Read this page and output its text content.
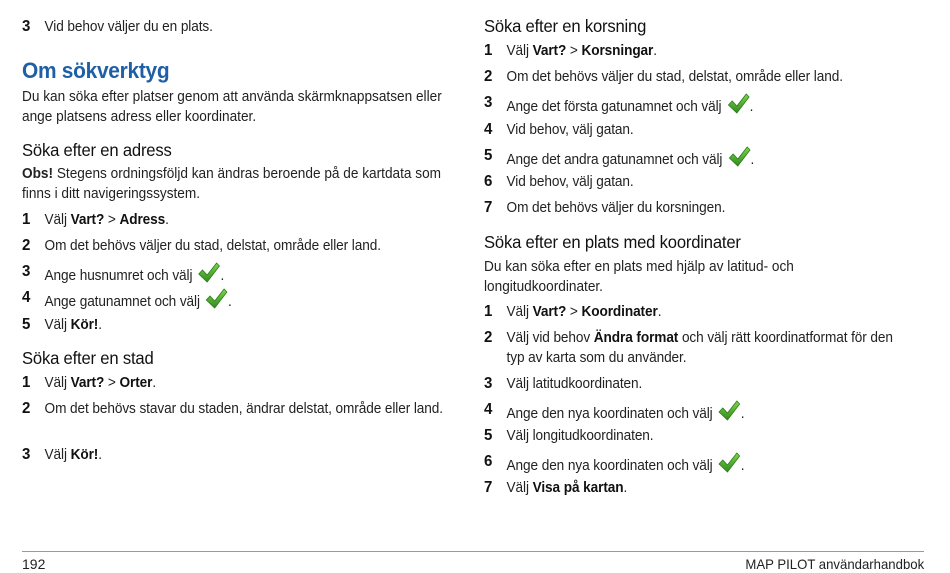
3 Vid behov väljer du en plats.
Om sökverktyg
Du kan söka efter platser genom att använda skärmknappsatsen eller ange platsens adress eller koordinater.
Söka efter en adress
Obs! Stegens ordningsföljd kan ändras beroende på de kartdata som finns i ditt navigeringssystem.
1 Välj Vart? > Adress.
2 Om det behövs väljer du stad, delstat, område eller land.
3 Ange husnumret och välj .
4 Ange gatunamnet och välj .
5 Välj Kör!.
Söka efter en stad
1 Välj Vart? > Orter.
2 Om det behövs stavar du staden, ändrar delstat, område eller land.
3 Välj Kör!.
Söka efter en korsning
1 Välj Vart? > Korsningar.
2 Om det behövs väljer du stad, delstat, område eller land.
3 Ange det första gatunamnet och välj .
4 Vid behov, välj gatan.
5 Ange det andra gatunamnet och välj .
6 Vid behov, välj gatan.
7 Om det behövs väljer du korsningen.
Söka efter en plats med koordinater
Du kan söka efter en plats med hjälp av latitud- och longitudkoordinater.
1 Välj Vart? > Koordinater.
2 Välj vid behov Ändra format och välj rätt koordinatformat för den typ av karta som du använder.
3 Välj latitudkoordinaten.
4 Ange den nya koordinaten och välj .
5 Välj longitudkoordinaten.
6 Ange den nya koordinaten och välj .
7 Välj Visa på kartan.
192	MAP PILOT användarhandbok
